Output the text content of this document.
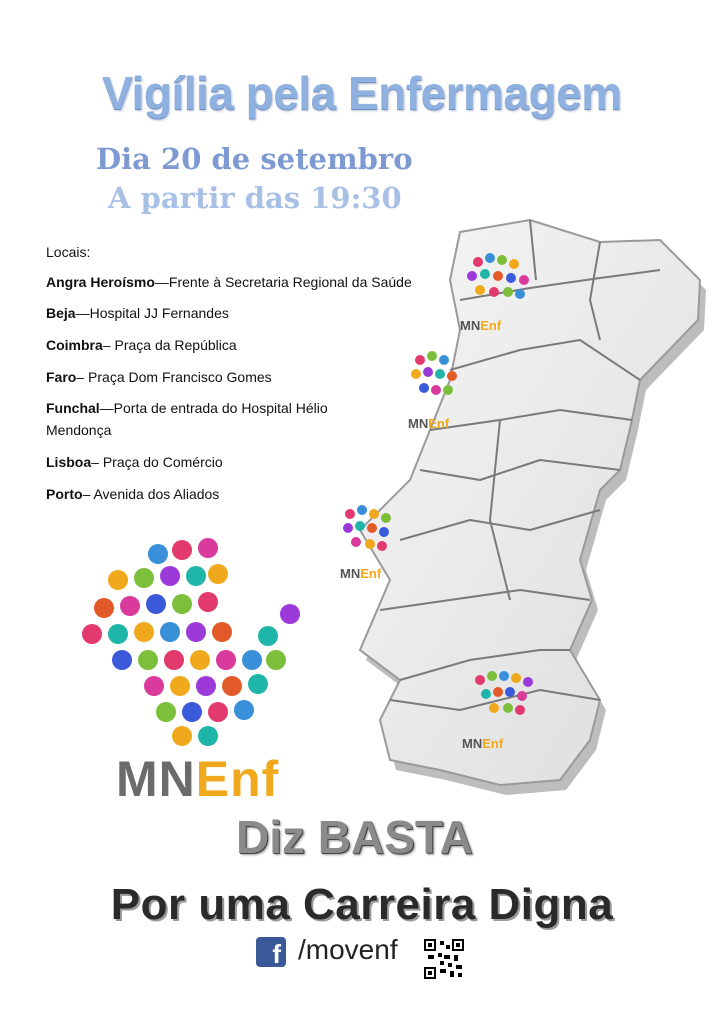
Vigília pela Enfermagem
Dia 20 de setembro
A partir das 19:30
MNEnf
MNEnf
MNEnf
MNEnf
Locais:
Angra Heroísmo—Frente à Secretaria Regional da Saúde
Beja—Hospital JJ Fernandes
Coimbra– Praça da República
Faro– Praça Dom Francisco Gomes
Funchal—Porta de entrada do Hospital Hélio Mendonça
Lisboa– Praça do Comércio
Porto– Avenida dos Aliados
MNEnf
Diz BASTA
Por uma Carreira Digna
f /movenf
